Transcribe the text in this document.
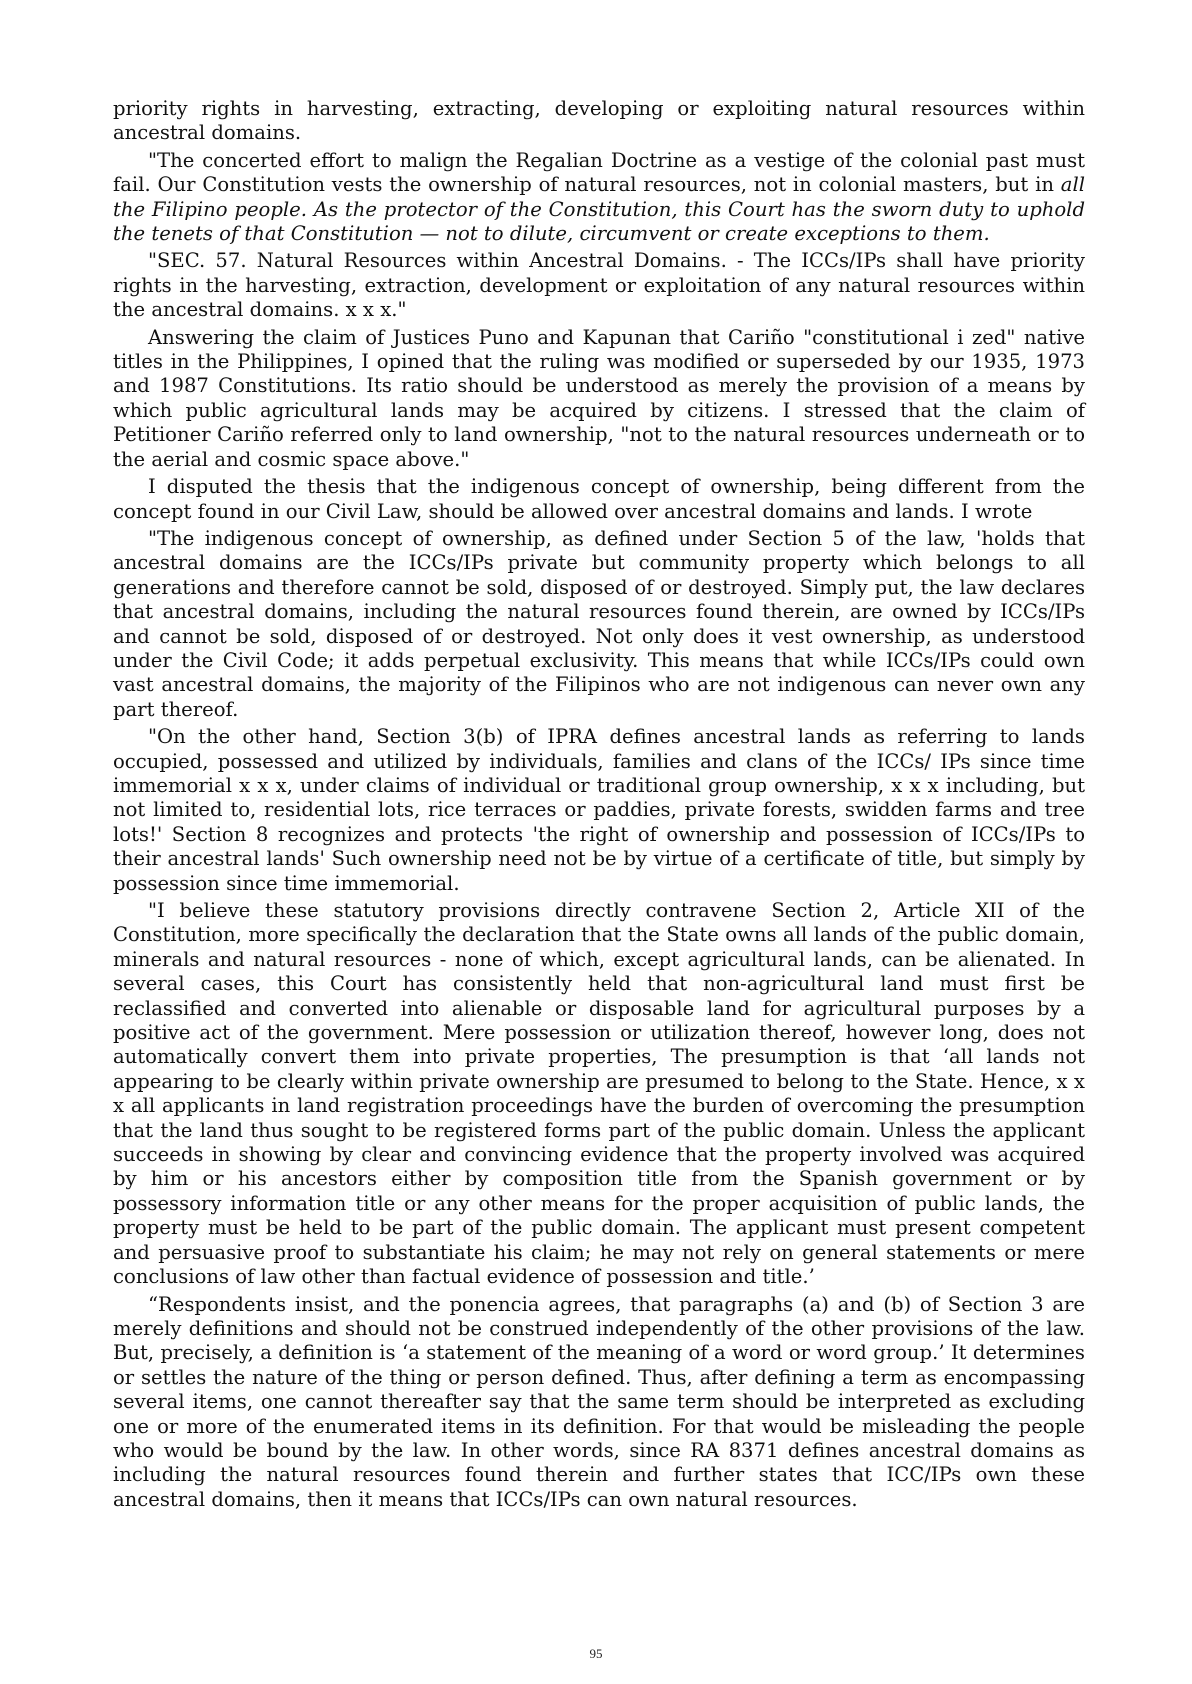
priority rights in harvesting, extracting, developing or exploiting natural resources within ancestral domains.

"The concerted effort to malign the Regalian Doctrine as a vestige of the colonial past must fail. Our Constitution vests the ownership of natural resources, not in colonial masters, but in all the Filipino people. As the protector of the Constitution, this Court has the sworn duty to uphold the tenets of that Constitution — not to dilute, circumvent or create exceptions to them.

"SEC. 57. Natural Resources within Ancestral Domains. - The ICCs/IPs shall have priority rights in the harvesting, extraction, development or exploitation of any natural resources within the ancestral domains. x x x."

Answering the claim of Justices Puno and Kapunan that Cariño "constitutional i zed" native titles in the Philippines, I opined that the ruling was modified or superseded by our 1935, 1973 and 1987 Constitutions. Its ratio should be understood as merely the provision of a means by which public agricultural lands may be acquired by citizens. I stressed that the claim of Petitioner Cariño referred only to land ownership, "not to the natural resources underneath or to the aerial and cosmic space above."

I disputed the thesis that the indigenous concept of ownership, being different from the concept found in our Civil Law, should be allowed over ancestral domains and lands. I wrote

"The indigenous concept of ownership, as defined under Section 5 of the law, 'holds that ancestral domains are the ICCs/IPs private but community property which belongs to all generations and therefore cannot be sold, disposed of or destroyed. Simply put, the law declares that ancestral domains, including the natural resources found therein, are owned by ICCs/IPs and cannot be sold, disposed of or destroyed. Not only does it vest ownership, as understood under the Civil Code; it adds perpetual exclusivity. This means that while ICCs/IPs could own vast ancestral domains, the majority of the Filipinos who are not indigenous can never own any part thereof.

"On the other hand, Section 3(b) of IPRA defines ancestral lands as referring to lands occupied, possessed and utilized by individuals, families and clans of the ICCs/ IPs since time immemorial x x x, under claims of individual or traditional group ownership, x x x including, but not limited to, residential lots, rice terraces or paddies, private forests, swidden farms and tree lots!' Section 8 recognizes and protects 'the right of ownership and possession of ICCs/IPs to their ancestral lands' Such ownership need not be by virtue of a certificate of title, but simply by possession since time immemorial.

"I believe these statutory provisions directly contravene Section 2, Article XII of the Constitution, more specifically the declaration that the State owns all lands of the public domain, minerals and natural resources - none of which, except agricultural lands, can be alienated. In several cases, this Court has consistently held that non-agricultural land must first be reclassified and converted into alienable or disposable land for agricultural purposes by a positive act of the government. Mere possession or utilization thereof, however long, does not automatically convert them into private properties, The presumption is that ‘all lands not appearing to be clearly within private ownership are presumed to belong to the State. Hence, x x x all applicants in land registration proceedings have the burden of overcoming the presumption that the land thus sought to be registered forms part of the public domain. Unless the applicant succeeds in showing by clear and convincing evidence that the property involved was acquired by him or his ancestors either by composition title from the Spanish government or by possessory information title or any other means for the proper acquisition of public lands, the property must be held to be part of the public domain. The applicant must present competent and persuasive proof to substantiate his claim; he may not rely on general statements or mere conclusions of law other than factual evidence of possession and title.’

“Respondents insist, and the ponencia agrees, that paragraphs (a) and (b) of Section 3 are merely definitions and should not be construed independently of the other provisions of the law. But, precisely, a definition is ‘a statement of the meaning of a word or word group.’ It determines or settles the nature of the thing or person defined. Thus, after defining a term as encompassing several items, one cannot thereafter say that the same term should be interpreted as excluding one or more of the enumerated items in its definition. For that would be misleading the people who would be bound by the law. In other words, since RA 8371 defines ancestral domains as including the natural resources found therein and further states that ICC/IPs own these ancestral domains, then it means that ICCs/IPs can own natural resources.

95
